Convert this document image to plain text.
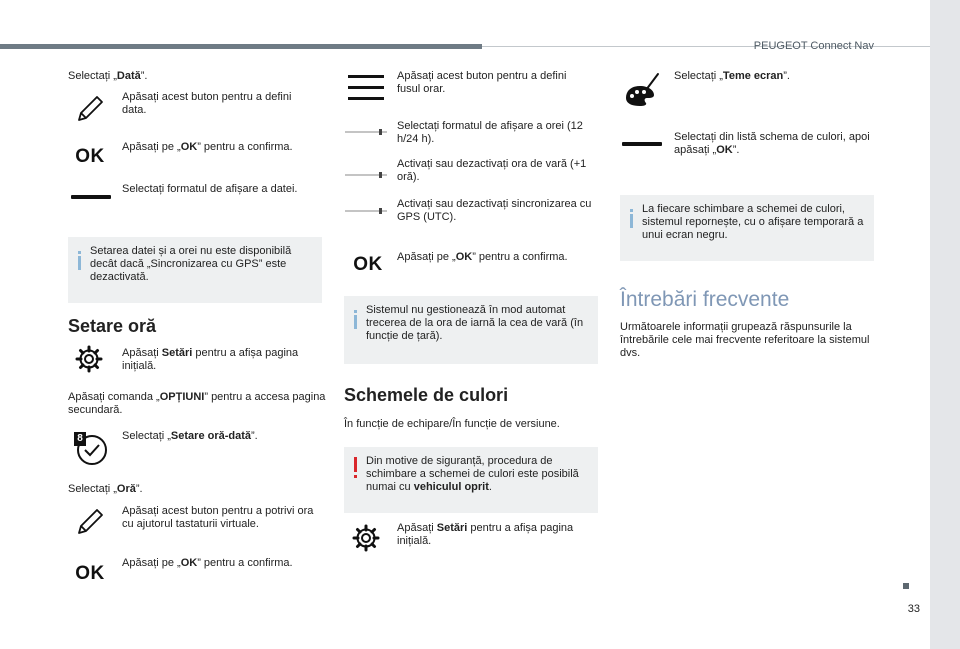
PEUGEOT Connect Nav
33
Selectați „Dată”.
Apăsați acest buton pentru a defini data.
OK Apăsați pe „OK” pentru a confirma.
Selectați formatul de afișare a datei.
Setarea datei și a orei nu este disponibilă decât dacă „Sincronizarea cu GPS” este dezactivată.
Setare oră
Apăsați Setări pentru a afișa pagina inițială.
Apăsați comanda „OPȚIUNI” pentru a accesa pagina secundară.
8	Selectați „Setare oră-dată”.
Selectați „Oră”.
Apăsați acest buton pentru a potrivi ora cu ajutorul tastaturii virtuale.
OK Apăsați pe „OK” pentru a confirma.
Apăsați acest buton pentru a defini fusul orar.
Selectați formatul de afișare a orei (12 h/24 h).
Activați sau dezactivați ora de vară (+1 oră).
Activați sau dezactivați sincronizarea cu GPS (UTC).
OK Apăsați pe „OK” pentru a confirma.
Sistemul nu gestionează în mod automat trecerea de la ora de iarnă la cea de vară (în funcție de țară).
Schemele de culori
În funcție de echipare/În funcție de versiune.
Din motive de siguranță, procedura de schimbare a schemei de culori este posibilă numai cu vehiculul oprit.
Apăsați Setări pentru a afișa pagina inițială.
Selectați „Teme ecran”.
Selectați din listă schema de culori, apoi apăsați „OK”.
La fiecare schimbare a schemei de culori, sistemul repornește, cu o afișare temporară a unui ecran negru.
Întrebări frecvente
Următoarele informații grupează răspunsurile la întrebările cele mai frecvente referitoare la sistemul dvs.
